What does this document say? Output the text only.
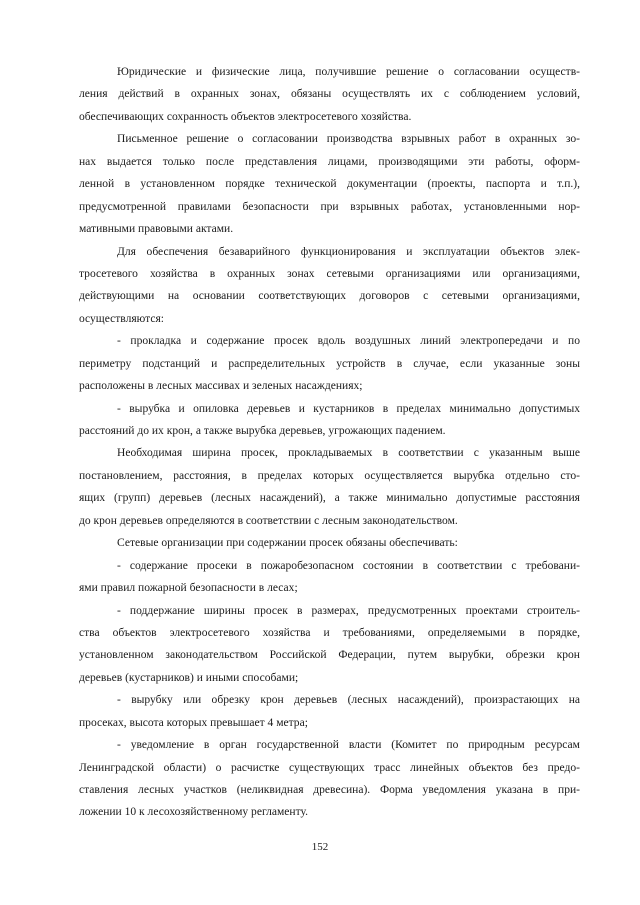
Юридические и физические лица, получившие решение о согласовании осуществ-
ления действий в охранных зонах, обязаны осуществлять их с соблюдением условий,
обеспечивающих сохранность объектов электросетевого хозяйства.
Письменное решение о согласовании производства взрывных работ в охранных зо-
нах выдается только после представления лицами, производящими эти работы, оформ-
ленной в установленном порядке технической документации (проекты, паспорта и т.п.),
предусмотренной правилами безопасности при взрывных работах, установленными нор-
мативными правовыми актами.
Для обеспечения безаварийного функционирования и эксплуатации объектов элек-
тросетевого хозяйства в охранных зонах сетевыми организациями или организациями,
действующими на основании соответствующих договоров с сетевыми организациями,
осуществляются:
- прокладка и содержание просек вдоль воздушных линий электропередачи и по
периметру подстанций и распределительных устройств в случае, если указанные зоны
расположены в лесных массивах и зеленых насаждениях;
- вырубка и опиловка деревьев и кустарников в пределах минимально допустимых
расстояний до их крон, а также вырубка деревьев, угрожающих падением.
Необходимая ширина просек, прокладываемых в соответствии с указанным выше
постановлением, расстояния, в пределах которых осуществляется вырубка отдельно сто-
ящих (групп) деревьев (лесных насаждений), а также минимально допустимые расстояния
до крон деревьев определяются в соответствии с лесным законодательством.
Сетевые организации при содержании просек обязаны обеспечивать:
- содержание просеки в пожаробезопасном состоянии в соответствии с требовани-
ями правил пожарной безопасности в лесах;
- поддержание ширины просек в размерах, предусмотренных проектами строитель-
ства объектов электросетевого хозяйства и требованиями, определяемыми в порядке,
установленном законодательством Российской Федерации, путем вырубки, обрезки крон
деревьев (кустарников) и иными способами;
- вырубку или обрезку крон деревьев (лесных насаждений), произрастающих на
просеках, высота которых превышает 4 метра;
- уведомление в орган государственной власти (Комитет по природным ресурсам
Ленинградской области) о расчистке существующих трасс линейных объектов без предо-
ставления лесных участков (неликвидная древесина). Форма уведомления указана в при-
ложении 10 к лесохозяйственному регламенту.
152
